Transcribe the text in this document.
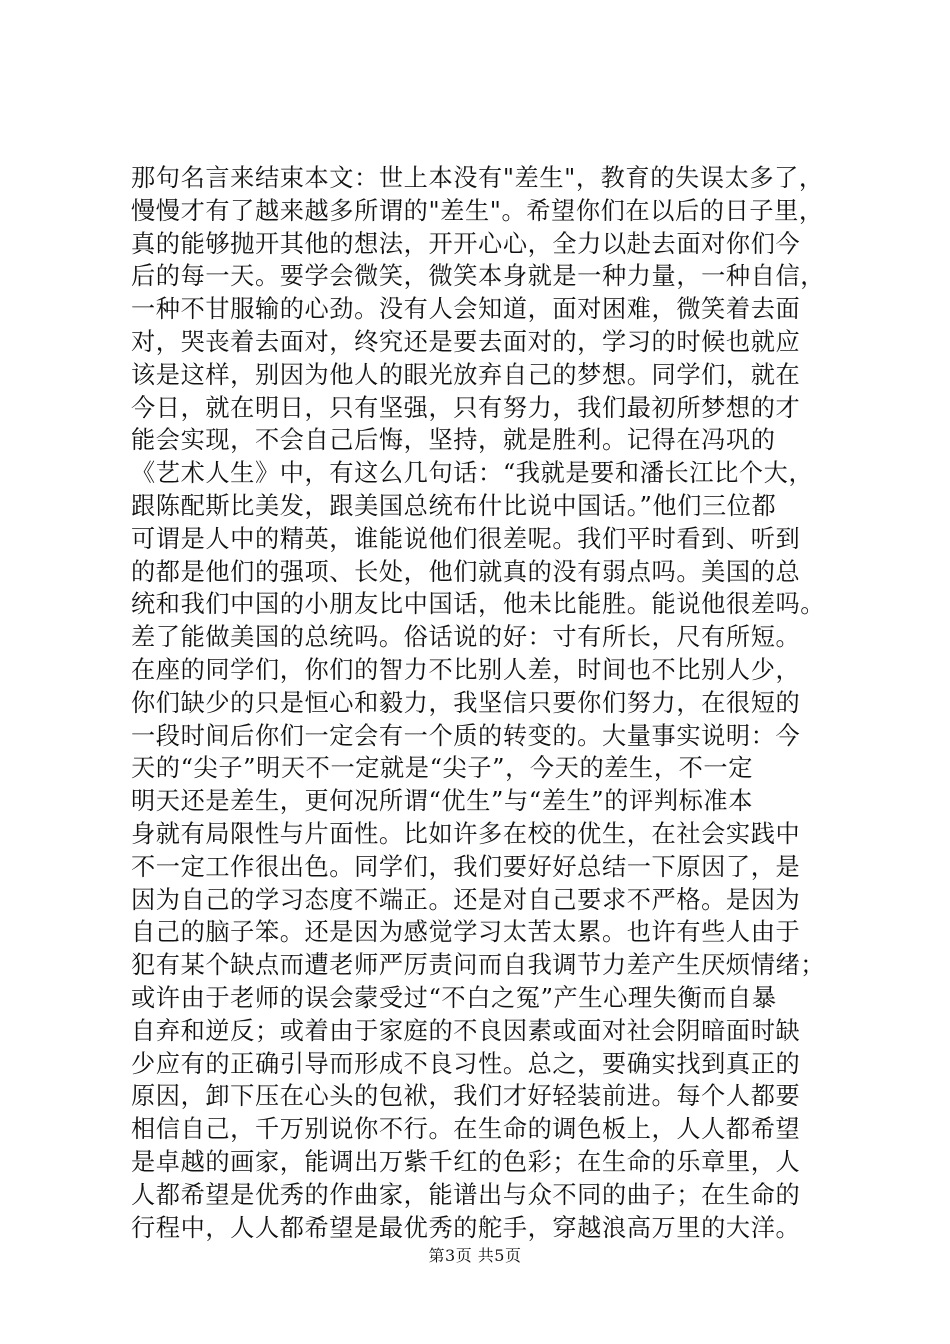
那句名言来结束本文：世上本没有"差生"，教育的失误太多了，
慢慢才有了越来越多所谓的"差生"。希望你们在以后的日子里，
真的能够抛开其他的想法，开开心心，全力以赴去面对你们今
后的每一天。要学会微笑，微笑本身就是一种力量，一种自信，
一种不甘服输的心劲。没有人会知道，面对困难，微笑着去面
对，哭丧着去面对，终究还是要去面对的，学习的时候也就应
该是这样，别因为他人的眼光放弃自己的梦想。同学们，就在
今日，就在明日，只有坚强，只有努力，我们最初所梦想的才
能会实现，不会自己后悔，坚持，就是胜利。记得在冯巩的
《艺术人生》中，有这么几句话：“我就是要和潘长江比个大，
跟陈配斯比美发，跟美国总统布什比说中国话。”他们三位都
可谓是人中的精英，谁能说他们很差呢。我们平时看到、听到
的都是他们的强项、长处，他们就真的没有弱点吗。美国的总
统和我们中国的小朋友比中国话，他未比能胜。能说他很差吗。
差了能做美国的总统吗。俗话说的好：寸有所长，尺有所短。
在座的同学们，你们的智力不比别人差，时间也不比别人少，
你们缺少的只是恒心和毅力，我坚信只要你们努力，在很短的
一段时间后你们一定会有一个质的转变的。大量事实说明：今
天的“尖子”明天不一定就是“尖子”，今天的差生，不一定
明天还是差生，更何况所谓“优生”与“差生”的评判标准本
身就有局限性与片面性。比如许多在校的优生，在社会实践中
不一定工作很出色。同学们，我们要好好总结一下原因了，是
因为自己的学习态度不端正。还是对自己要求不严格。是因为
自己的脑子笨。还是因为感觉学习太苦太累。也许有些人由于
犯有某个缺点而遭老师严厉责问而自我调节力差产生厌烦情绪；
或许由于老师的误会蒙受过“不白之冤”产生心理失衡而自暴
自弃和逆反；或着由于家庭的不良因素或面对社会阴暗面时缺
少应有的正确引导而形成不良习性。总之，要确实找到真正的
原因，卸下压在心头的包袱，我们才好轻装前进。每个人都要
相信自己，千万别说你不行。在生命的调色板上，人人都希望
是卓越的画家，能调出万紫千红的色彩；在生命的乐章里，人
人都希望是优秀的作曲家，能谱出与众不同的曲子；在生命的
行程中，人人都希望是最优秀的舵手，穿越浪高万里的大洋。
第3页 共5页
